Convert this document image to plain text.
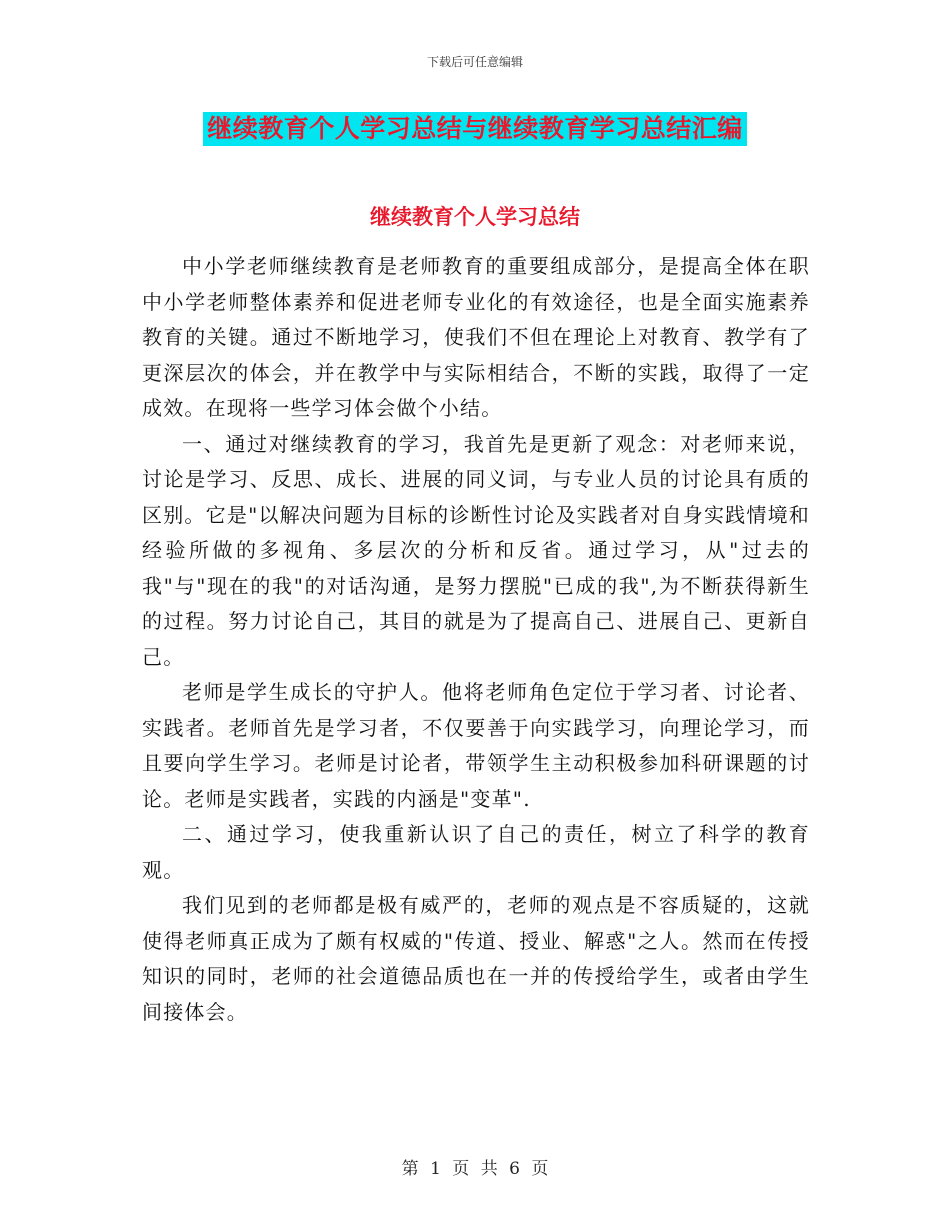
下载后可任意编辑
继续教育个人学习总结与继续教育学习总结汇编
继续教育个人学习总结

中小学老师继续教育是老师教育的重要组成部分，是提高全体在职中小学老师整体素养和促进老师专业化的有效途径，也是全面实施素养教育的关键。通过不断地学习，使我们不但在理论上对教育、教学有了更深层次的体会，并在教学中与实际相结合，不断的实践，取得了一定成效。在现将一些学习体会做个小结。

一、通过对继续教育的学习，我首先是更新了观念：对老师来说，讨论是学习、反思、成长、进展的同义词，与专业人员的讨论具有质的区别。它是"以解决问题为目标的诊断性讨论及实践者对自身实践情境和经验所做的多视角、多层次的分析和反省。通过学习，从"过去的我"与"现在的我"的对话沟通，是努力摆脱"已成的我",为不断获得新生的过程。努力讨论自己，其目的就是为了提高自己、进展自己、更新自己。

老师是学生成长的守护人。他将老师角色定位于学习者、讨论者、实践者。老师首先是学习者，不仅要善于向实践学习，向理论学习，而且要向学生学习。老师是讨论者，带领学生主动积极参加科研课题的讨论。老师是实践者，实践的内涵是"变革".

二、通过学习，使我重新认识了自己的责任，树立了科学的教育观。

我们见到的老师都是极有威严的，老师的观点是不容质疑的，这就使得老师真正成为了颇有权威的"传道、授业、解惑"之人。然而在传授知识的同时，老师的社会道德品质也在一并的传授给学生，或者由学生间接体会。

第 1 页 共 6 页
